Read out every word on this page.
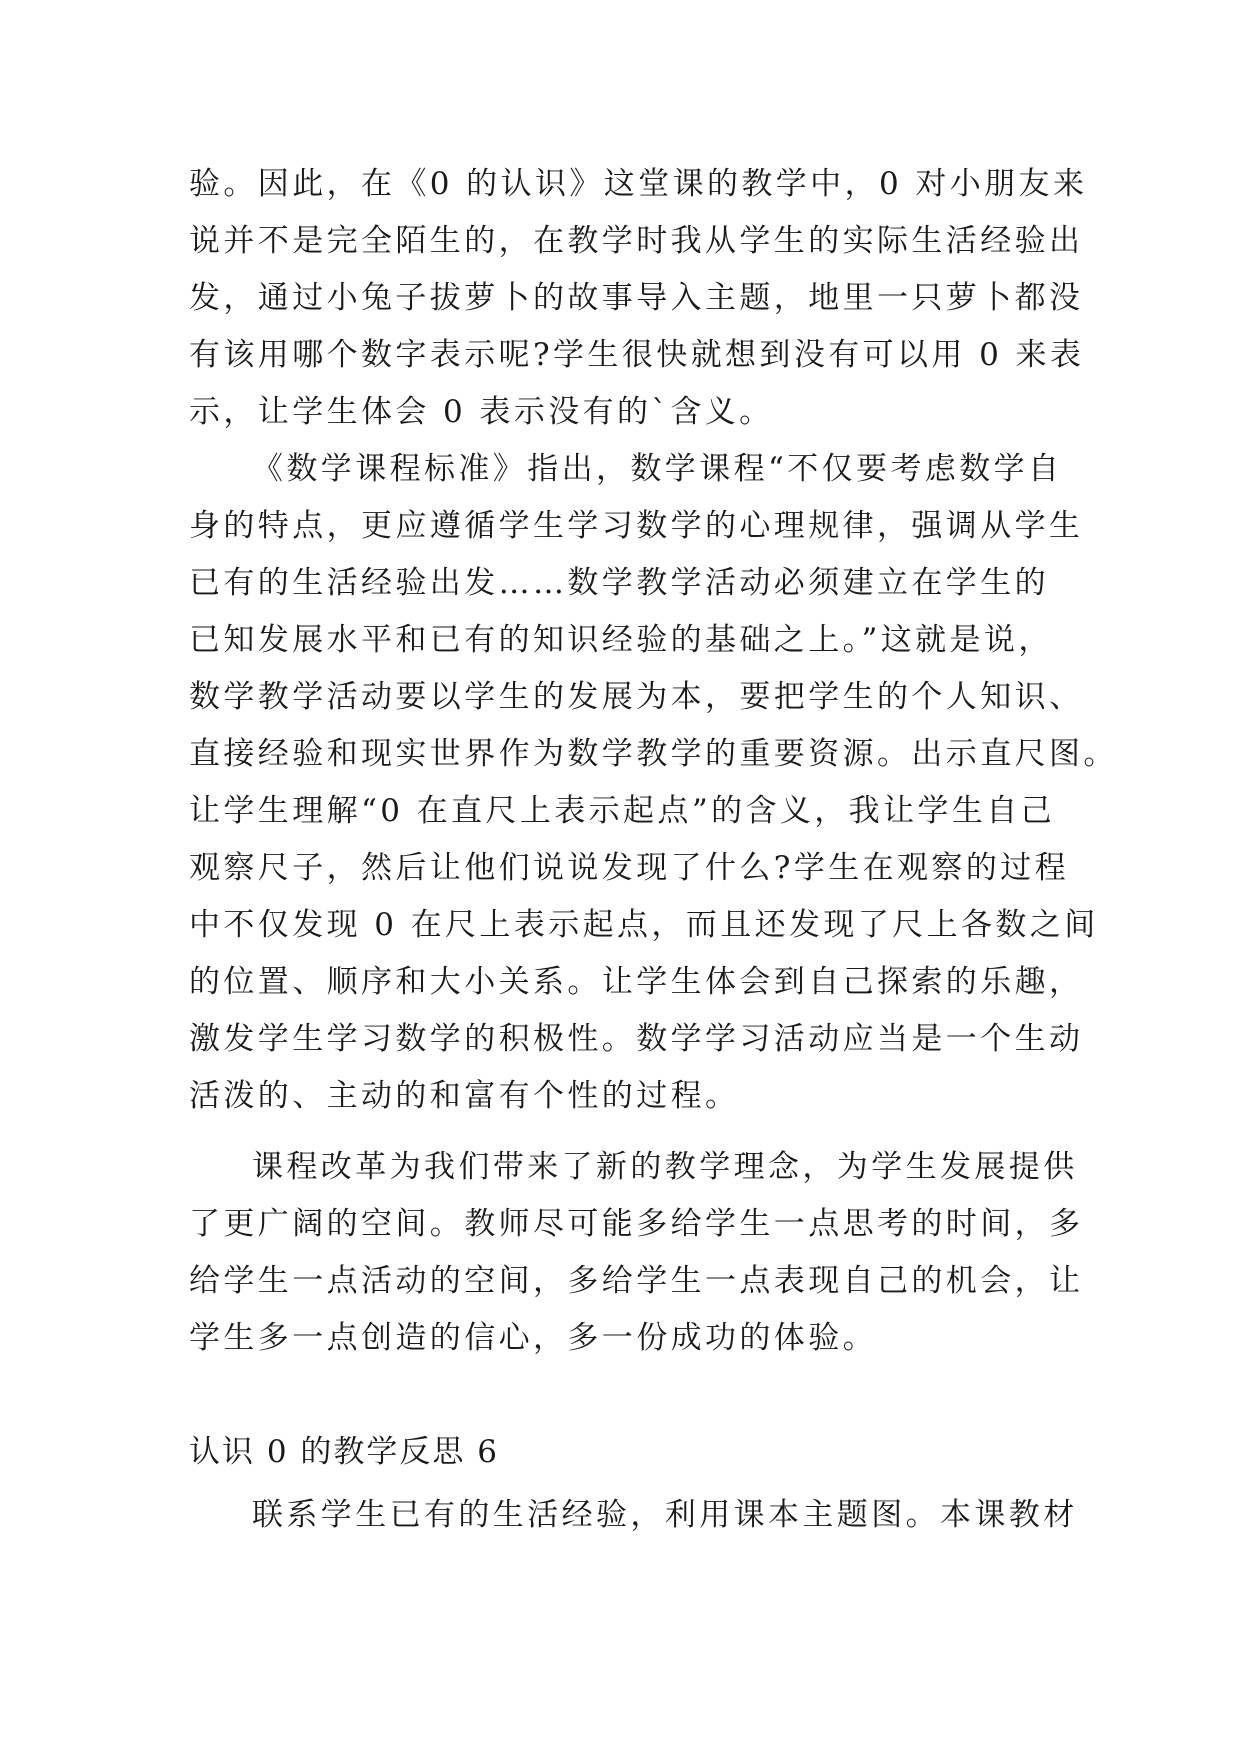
验。因此，在《0 的认识》这堂课的教学中，0 对小朋友来
说并不是完全陌生的，在教学时我从学生的实际生活经验出
发，通过小兔子拔萝卜的故事导入主题，地里一只萝卜都没
有该用哪个数字表示呢?学生很快就想到没有可以用 0 来表
示，让学生体会 0 表示没有的`含义。
《数学课程标准》指出，数学课程“不仅要考虑数学自
身的特点，更应遵循学生学习数学的心理规律，强调从学生
已有的生活经验出发……数学教学活动必须建立在学生的
已知发展水平和已有的知识经验的基础之上。”这就是说，
数学教学活动要以学生的发展为本，要把学生的个人知识、
直接经验和现实世界作为数学教学的重要资源。出示直尺图。
让学生理解“0 在直尺上表示起点”的含义，我让学生自己
观察尺子，然后让他们说说发现了什么?学生在观察的过程
中不仅发现 0 在尺上表示起点，而且还发现了尺上各数之间
的位置、顺序和大小关系。让学生体会到自己探索的乐趣，
激发学生学习数学的积极性。数学学习活动应当是一个生动
活泼的、主动的和富有个性的过程。
课程改革为我们带来了新的教学理念，为学生发展提供
了更广阔的空间。教师尽可能多给学生一点思考的时间，多
给学生一点活动的空间，多给学生一点表现自己的机会，让
学生多一点创造的信心，多一份成功的体验。
认识 0 的教学反思 6
联系学生已有的生活经验，利用课本主题图。本课教材
